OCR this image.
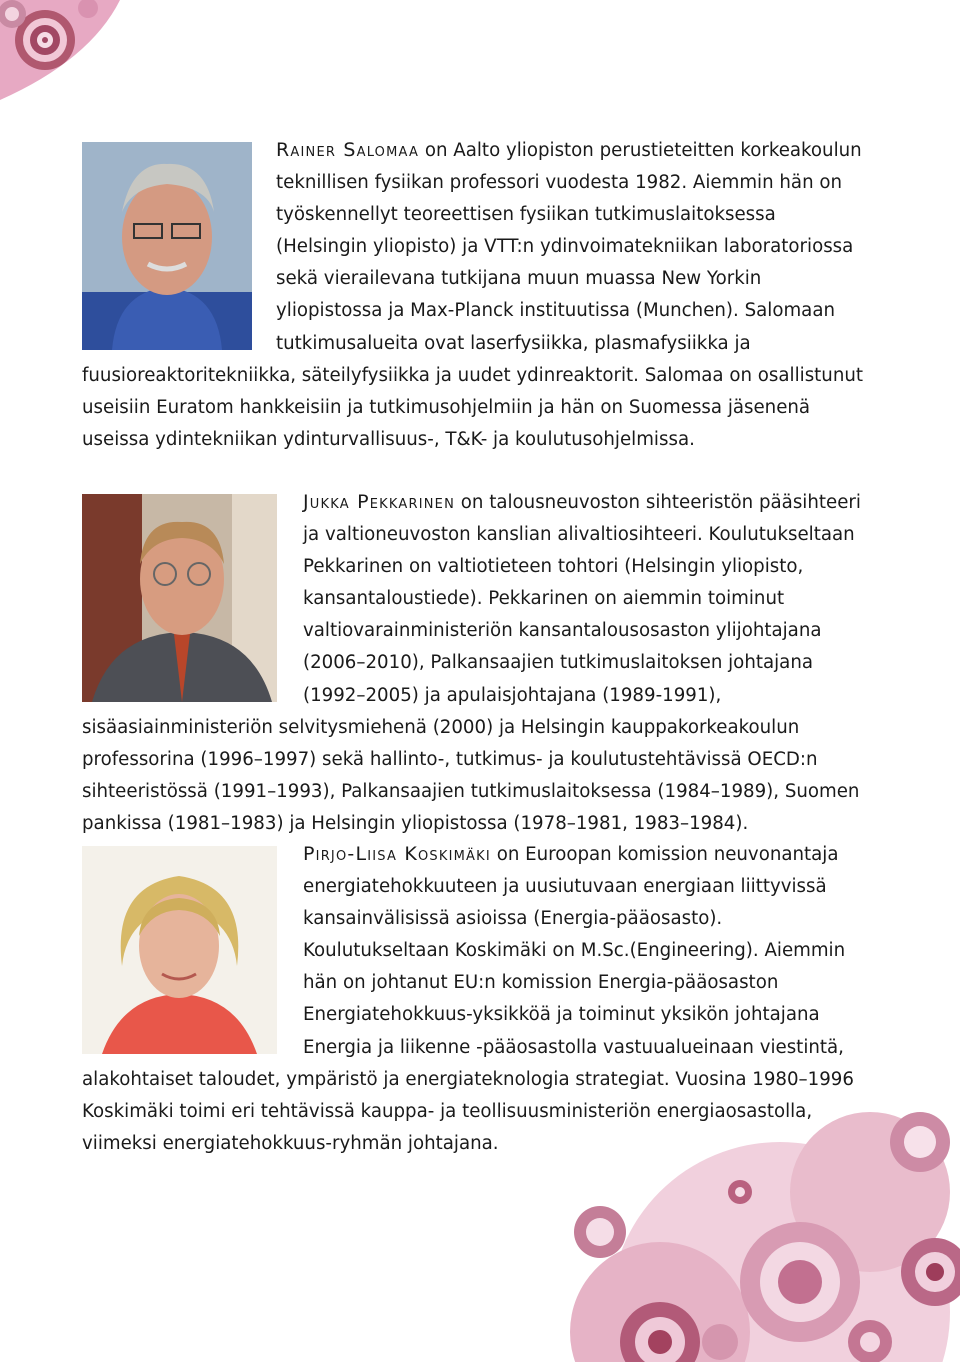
Rainer Salomaa on Aalto yliopiston perustieteitten korkeakoulun teknillisen fysiikan professori vuodesta 1982. Aiemmin hän on työskennellyt teoreettisen fysiikan tutkimuslaitoksessa (Helsingin yliopisto) ja VTT:n ydinvoimatekniikan laboratoriossa sekä vierailevana tutkijana muun muassa New Yorkin yliopistossa ja Max-Planck instituutissa (Munchen). Salomaan tutkimusalueita ovat laserfysiikka, plasmafysiikka ja fuusioreaktoritekniikka, säteilyfysiikka ja uudet ydinreaktorit. Salomaa on osallistunut useisiin Euratom hankkeisiin ja tutkimusohjelmiin ja hän on Suomessa jäsenenä useissa ydintekniikan ydinturvallisuus-, T&K- ja koulutusohjelmissa.
Jukka Pekkarinen on talousneuvoston sihteeristön pääsihteeri ja valtioneuvoston kanslian alivaltiosihteeri. Koulutukseltaan Pekkarinen on valtiotieteen tohtori (Helsingin yliopisto, kansantaloustiede). Pekkarinen on aiemmin toiminut valtiovarainministeriön kansantalousosaston ylijohtajana (2006–2010), Palkansaajien tutkimuslaitoksen johtajana (1992–2005) ja apulaisjohtajana (1989-1991), sisäasiainministeriön selvitysmiehenä (2000) ja Helsingin kauppakorkeakoulun professorina (1996–1997) sekä hallinto-, tutkimus- ja koulutustehtävissä OECD:n sihteeristössä (1991–1993), Palkansaajien tutkimuslaitoksessa (1984–1989), Suomen pankissa (1981–1983) ja Helsingin yliopistossa (1978–1981, 1983–1984).
Pirjo-Liisa Koskimäki on Euroopan komission neuvonantaja energiatehokkuuteen ja uusiutuvaan energiaan liittyvissä kansainvälisissä asioissa (Energia-pääosasto). Koulutukseltaan Koskimäki on M.Sc.(Engineering). Aiemmin hän on johtanut EU:n komission Energia-pääosaston Energiatehokkuus-yksikköä ja toiminut yksikön johtajana Energia ja liikenne -pääosastolla vastuualueinaan viestintä, alakohtaiset taloudet, ympäristö ja energiateknologia strategiat. Vuosina 1980–1996 Koskimäki toimi eri tehtävissä kauppa- ja teollisuusministeriön energiaosastolla, viimeksi energiatehokkuus-ryhmän johtajana.
